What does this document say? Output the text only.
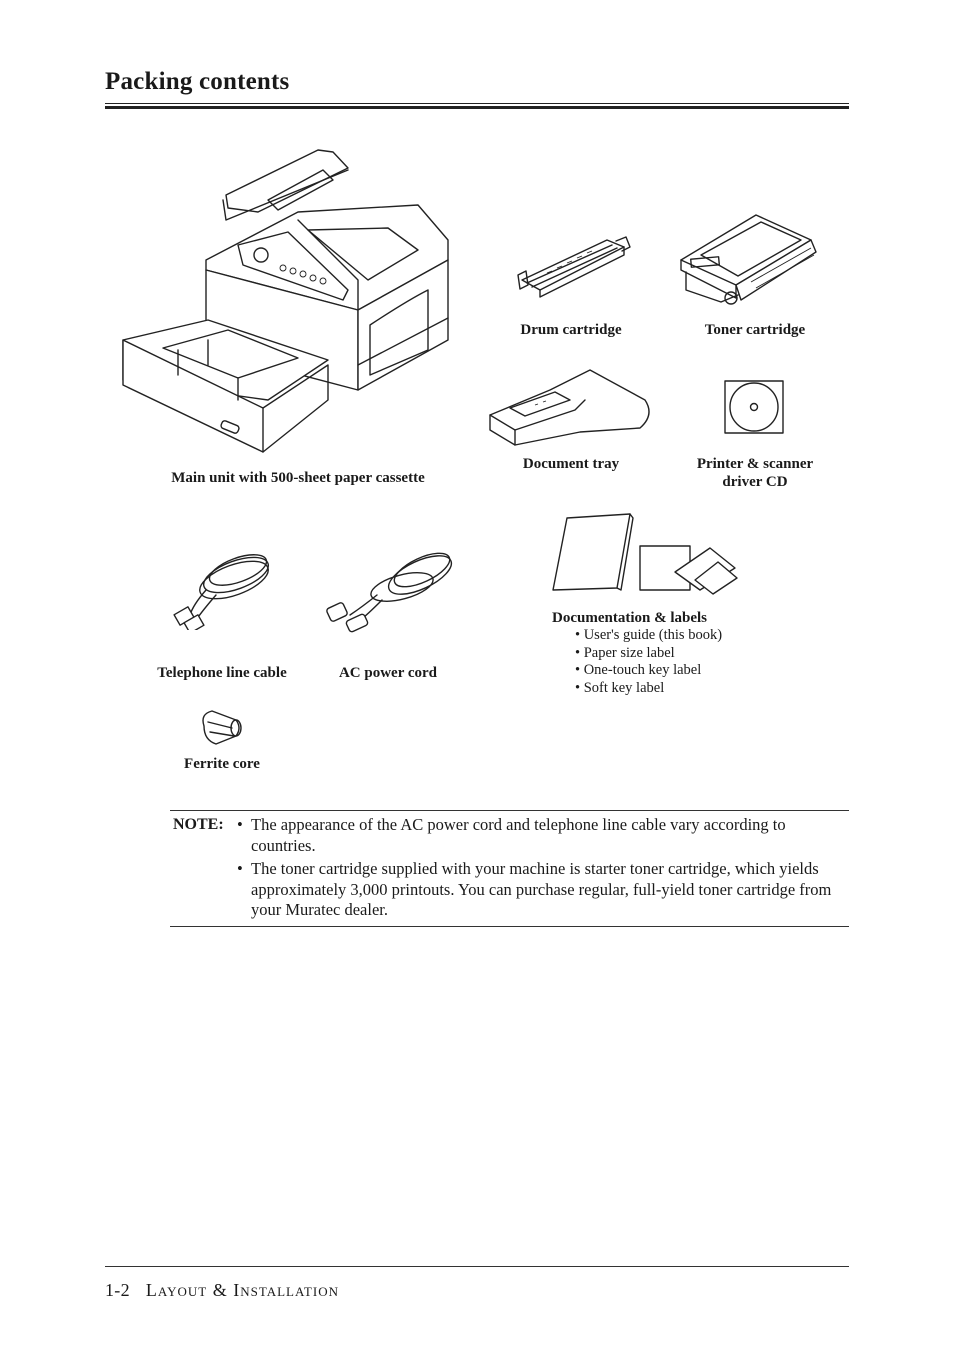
Packing contents
Main unit with 500-sheet paper cassette
Drum cartridge	Toner cartridge
Document tray	Printer & scanner
driver CD
Telephone line cable	AC power cord
Ferrite core
Documentation & labels
• User's guide (this book)
• Paper size label
• One-touch key label
• Soft key label
NOTE: • The appearance of the AC power cord and telephone line cable vary according to countries.
• The toner cartridge supplied with your machine is starter toner cartridge, which yields approximately 3,000 printouts. You can purchase regular, full-yield toner cartridge from your Muratec dealer.
1-2 Layout & Installation
